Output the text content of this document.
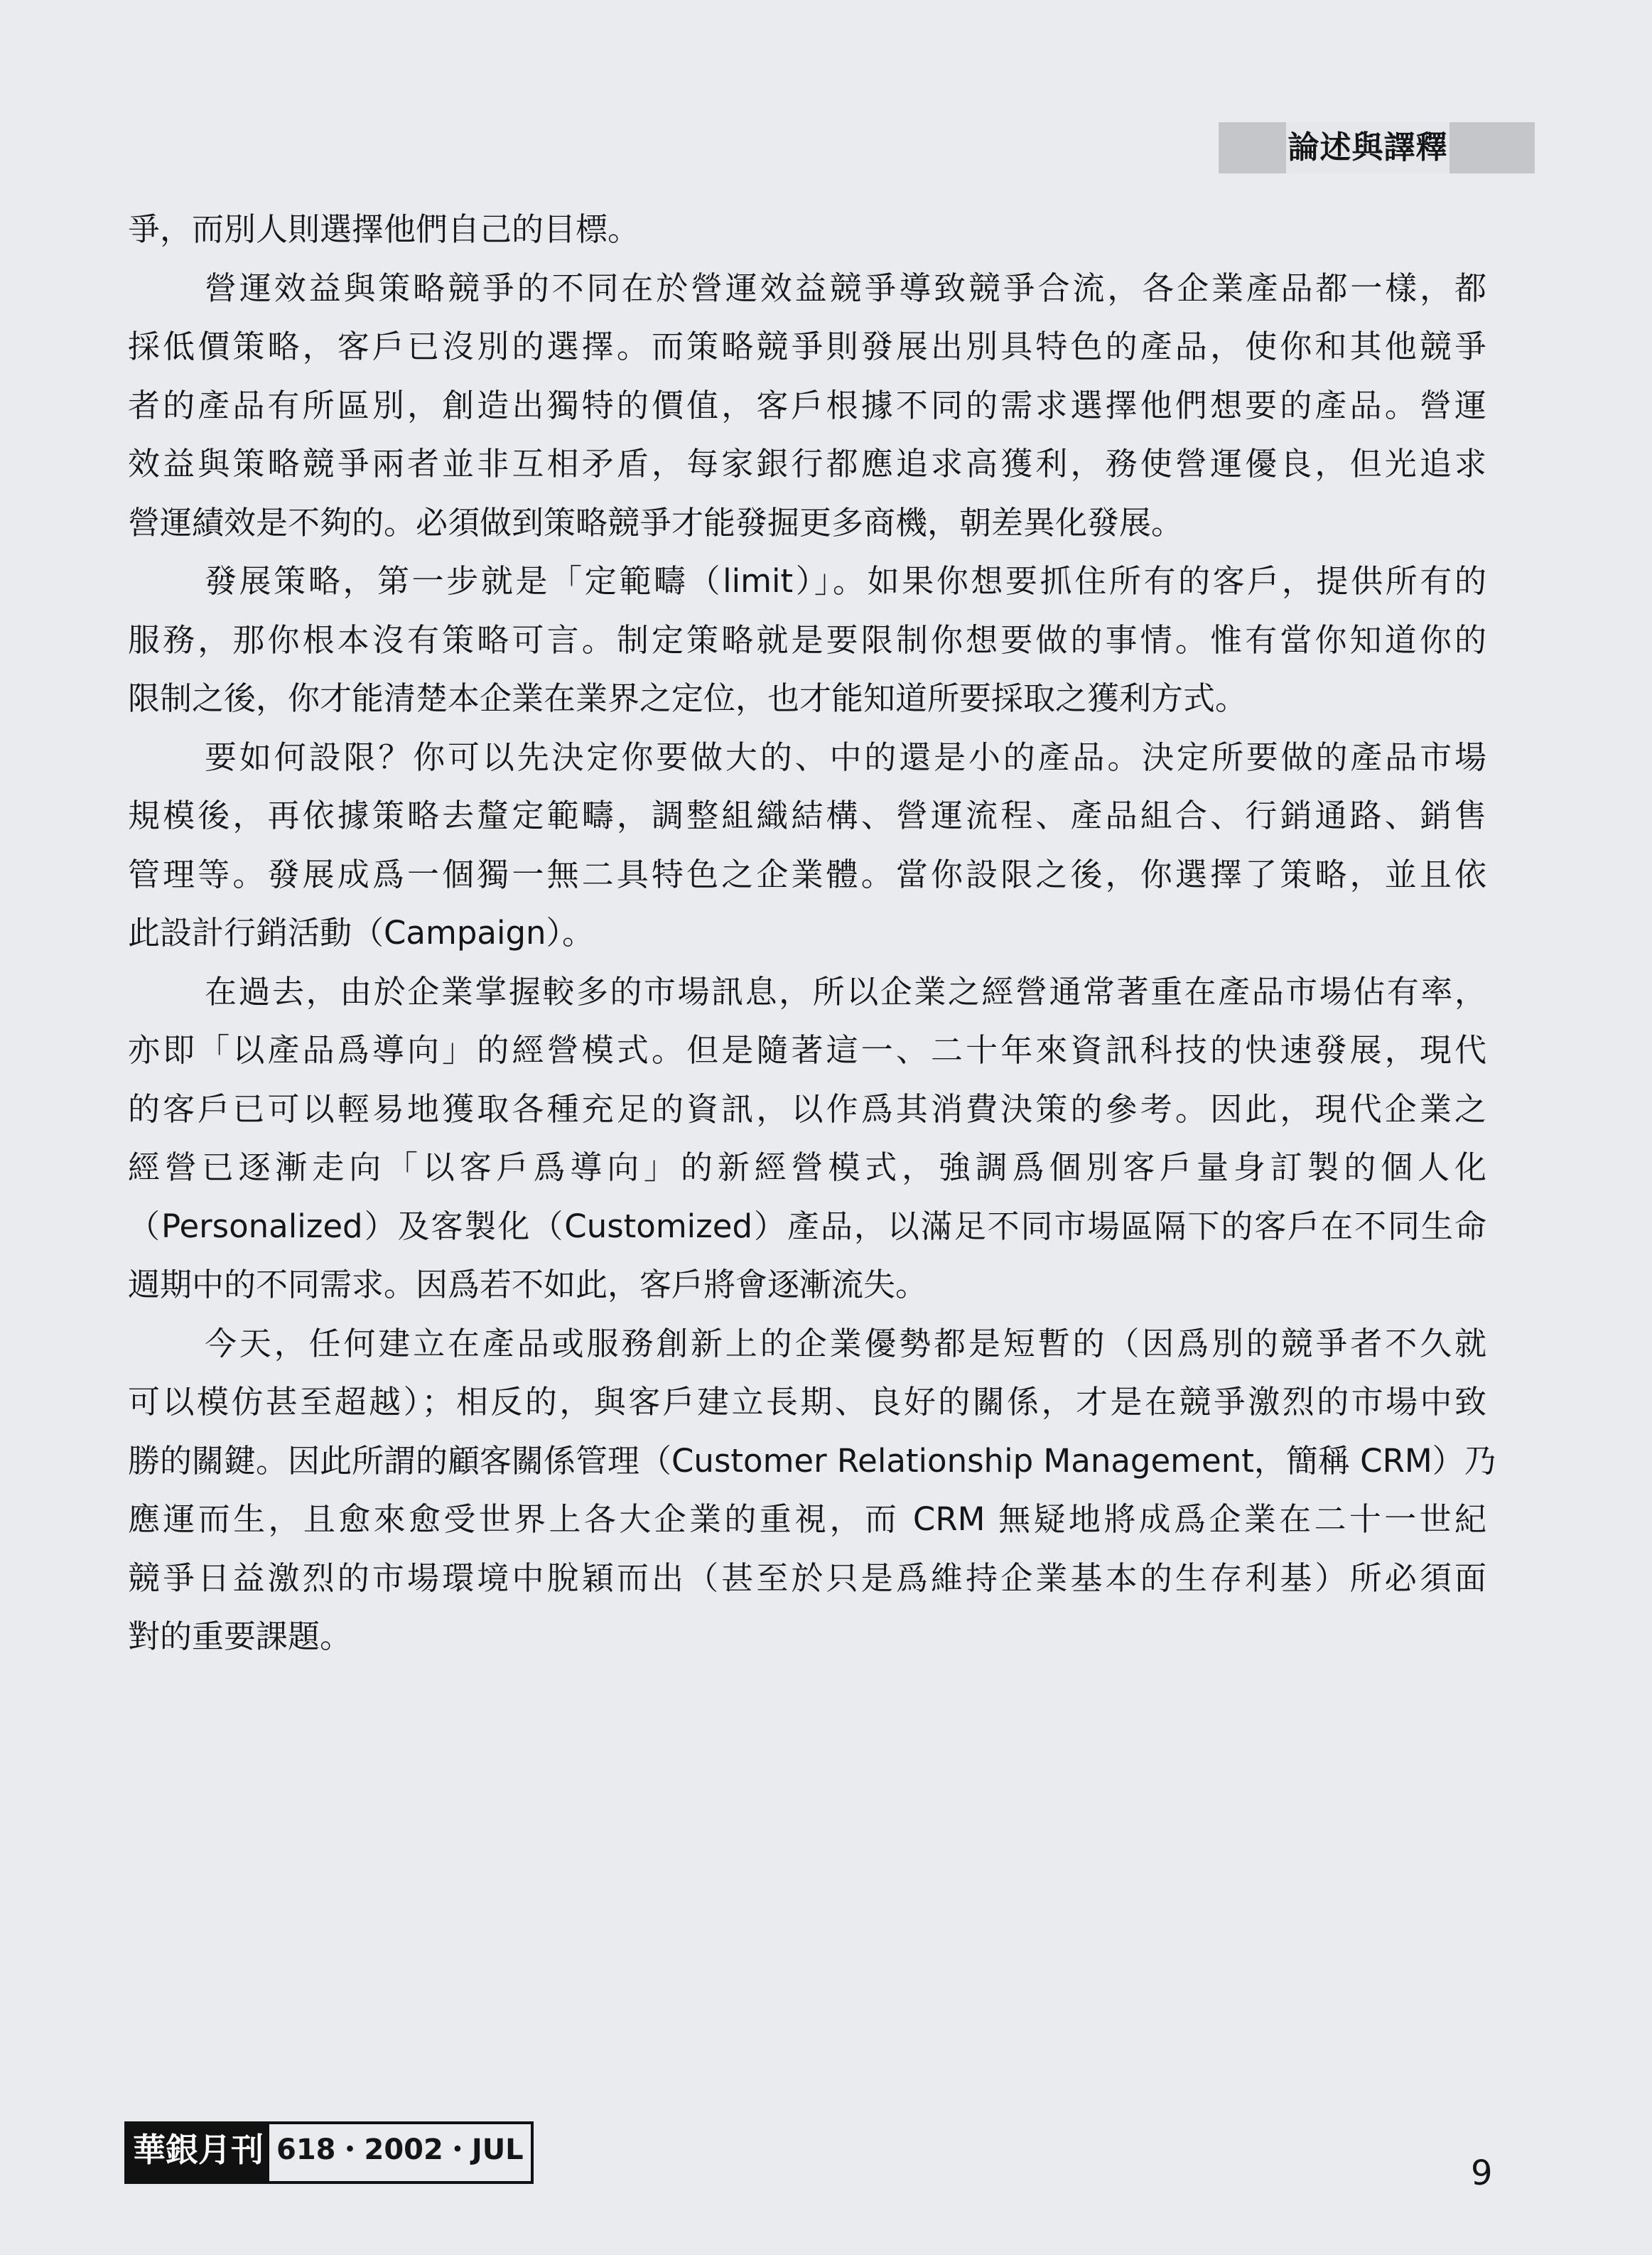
論述與譯釋
爭，而別人則選擇他們自己的目標。
營運效益與策略競爭的不同在於營運效益競爭導致競爭合流，各企業產品都一樣，都
採低價策略，客戶已沒別的選擇。而策略競爭則發展出別具特色的產品，使你和其他競爭
者的產品有所區別，創造出獨特的價值，客戶根據不同的需求選擇他們想要的產品。營運
效益與策略競爭兩者並非互相矛盾，每家銀行都應追求高獲利，務使營運優良，但光追求
營運績效是不夠的。必須做到策略競爭才能發掘更多商機，朝差異化發展。
發展策略，第一步就是「定範疇（limit）」。如果你想要抓住所有的客戶，提供所有的
服務，那你根本沒有策略可言。制定策略就是要限制你想要做的事情。惟有當你知道你的
限制之後，你才能清楚本企業在業界之定位，也才能知道所要採取之獲利方式。
要如何設限？你可以先決定你要做大的、中的還是小的產品。決定所要做的產品市場
規模後，再依據策略去釐定範疇，調整組織結構、營運流程、產品組合、行銷通路、銷售
管理等。發展成爲一個獨一無二具特色之企業體。當你設限之後，你選擇了策略，並且依
此設計行銷活動（Campaign）。
在過去，由於企業掌握較多的市場訊息，所以企業之經營通常著重在產品市場佔有率，
亦即「以產品爲導向」的經營模式。但是隨著這一、二十年來資訊科技的快速發展，現代
的客戶已可以輕易地獲取各種充足的資訊，以作爲其消費決策的參考。因此，現代企業之
經營已逐漸走向「以客戶爲導向」的新經營模式，強調爲個別客戶量身訂製的個人化
（Personalized）及客製化（Customized）產品，以滿足不同市場區隔下的客戶在不同生命
週期中的不同需求。因爲若不如此，客戶將會逐漸流失。
今天，任何建立在產品或服務創新上的企業優勢都是短暫的（因爲別的競爭者不久就
可以模仿甚至超越）；相反的，與客戶建立長期、良好的關係，才是在競爭激烈的市場中致
勝的關鍵。因此所謂的顧客關係管理（Customer Relationship Management，簡稱 CRM）乃
應運而生，且愈來愈受世界上各大企業的重視，而 CRM 無疑地將成爲企業在二十一世紀
競爭日益激烈的市場環境中脫穎而出（甚至於只是爲維持企業基本的生存利基）所必須面
對的重要課題。
華銀月刊 618・2002・JUL
9
